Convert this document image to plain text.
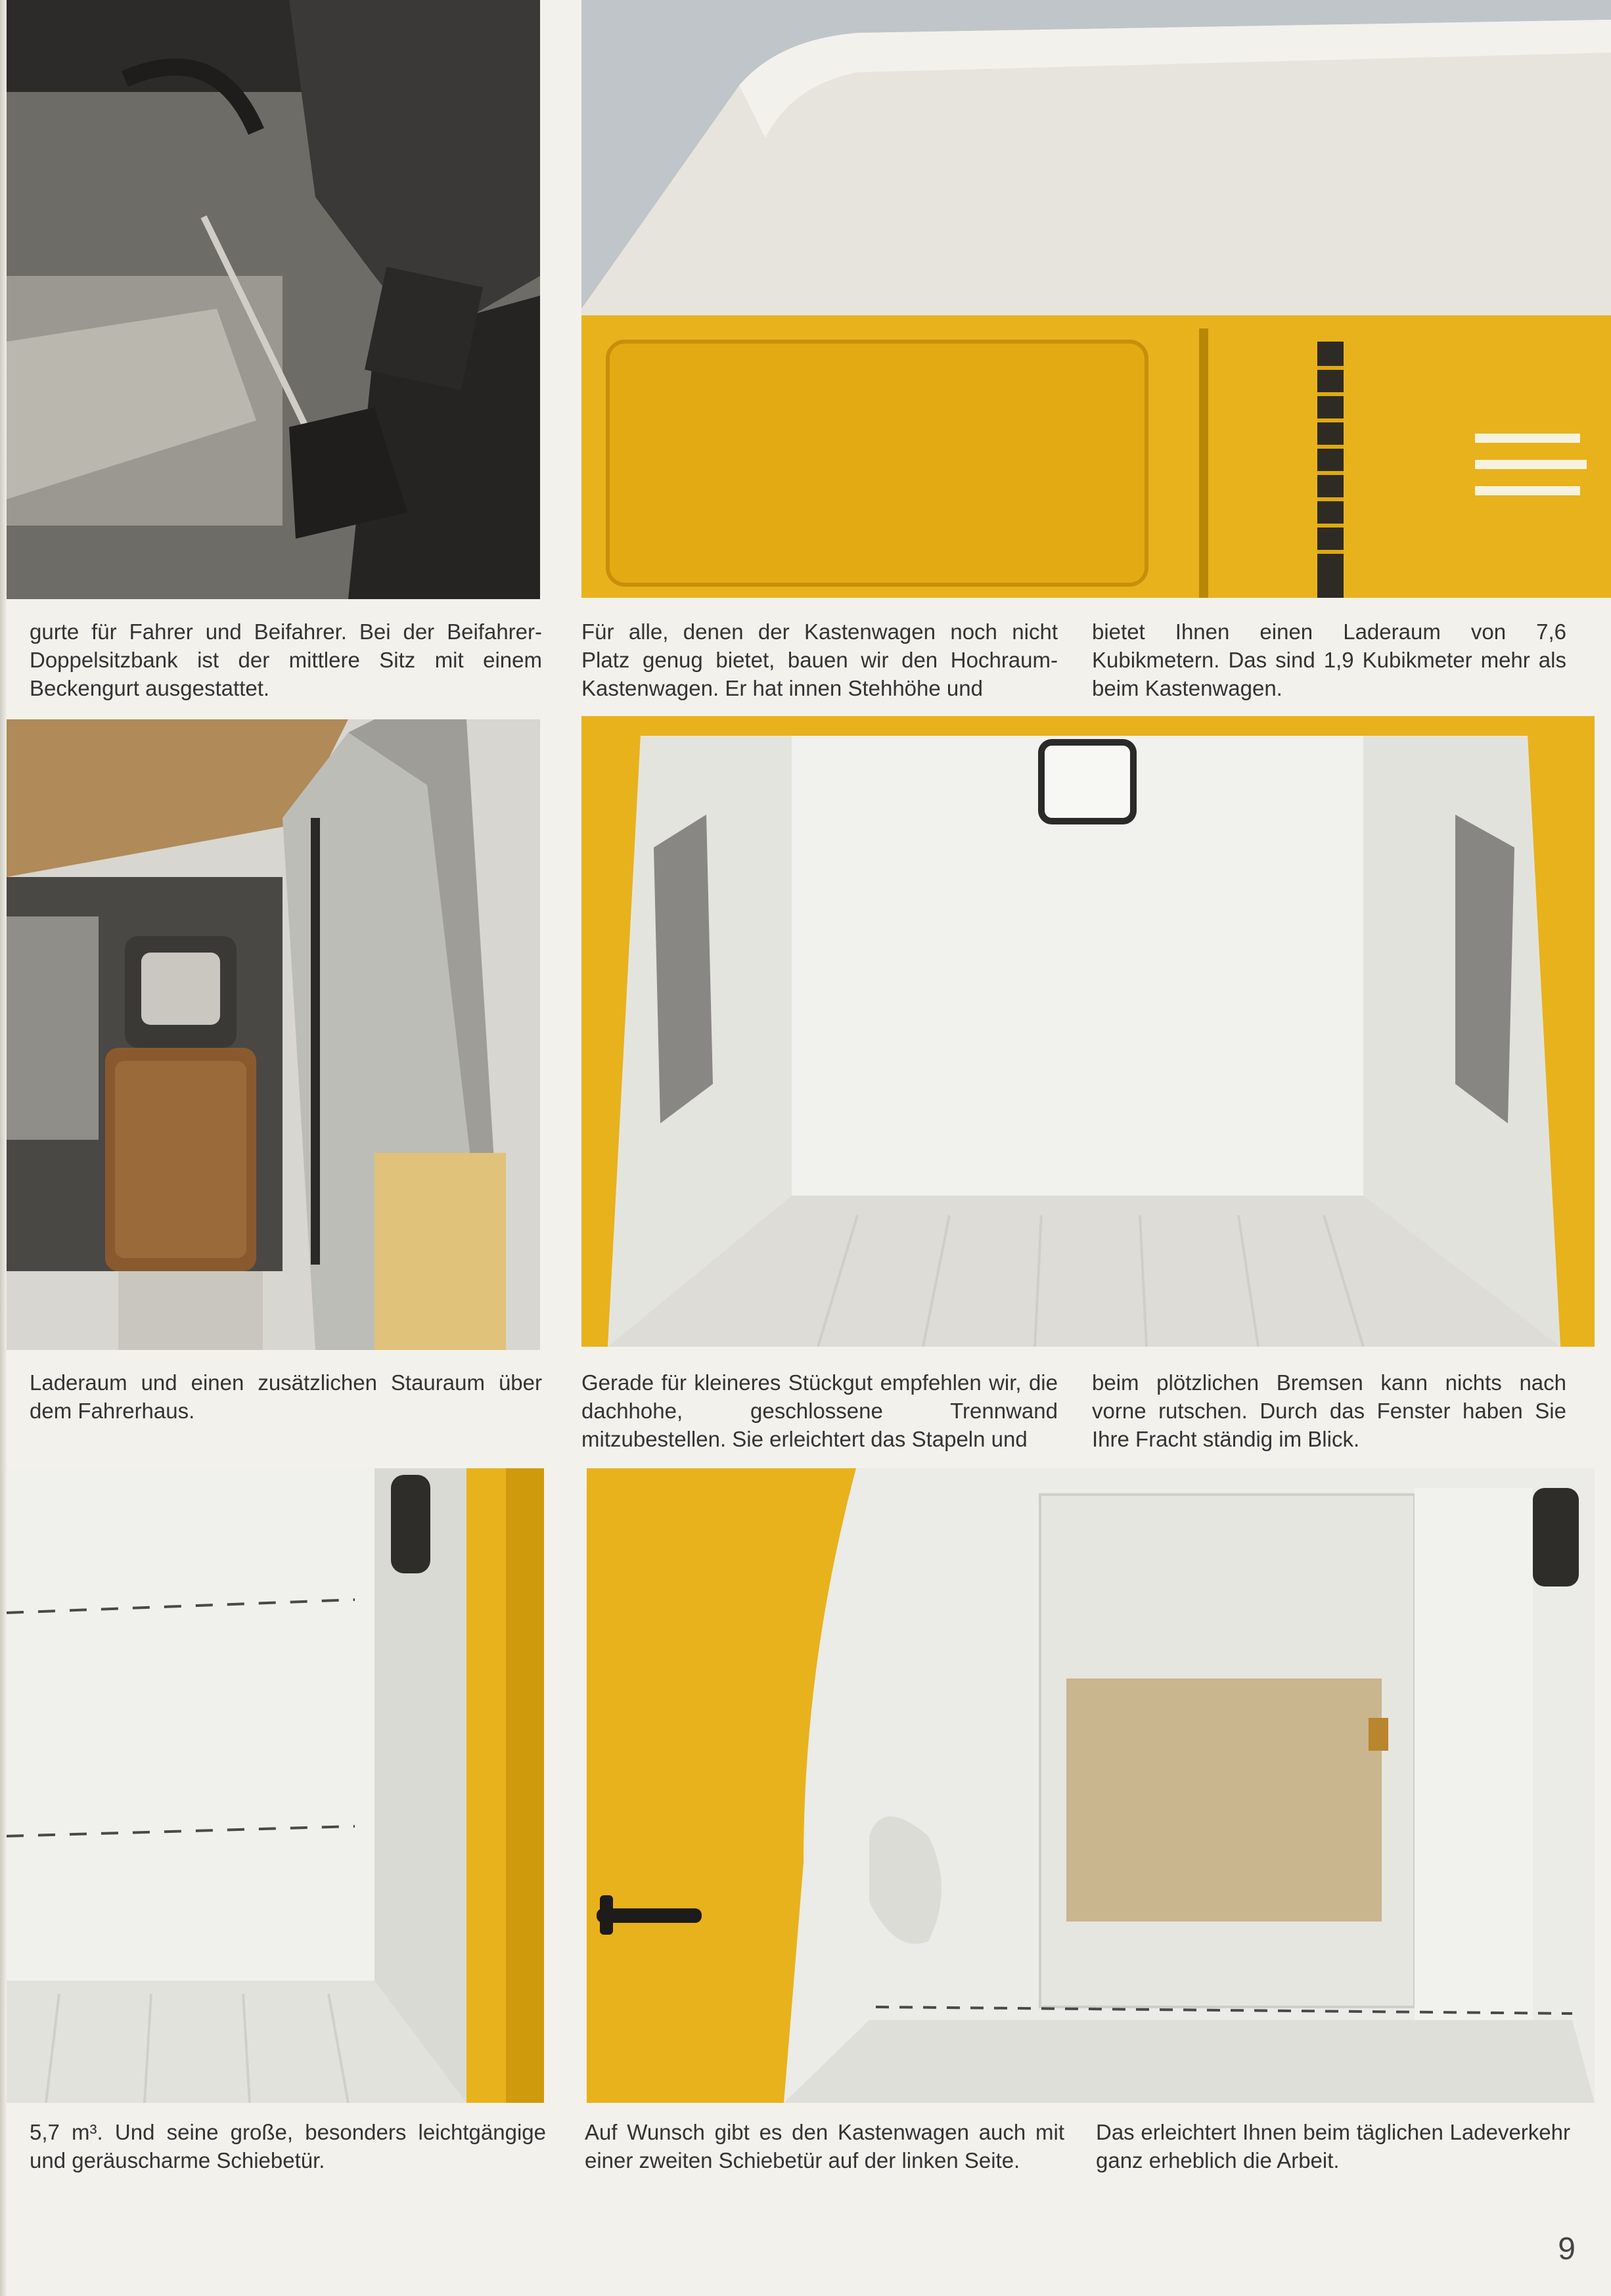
gurte für Fahrer und Beifahrer. Bei der Beifahrer-Doppelsitzbank ist der mittlere Sitz mit einem Beckengurt ausgestattet.

Für alle, denen der Kastenwagen noch nicht Platz genug bietet, bauen wir den Hochraum-Kastenwagen. Er hat innen Stehhöhe und

bietet Ihnen einen Laderaum von 7,6 Kubikmetern. Das sind 1,9 Kubikmeter mehr als beim Kastenwagen.

Laderaum und einen zusätzlichen Stauraum über dem Fahrerhaus.

Gerade für kleineres Stückgut empfehlen wir, die dachhohe, geschlossene Trennwand mitzubestellen. Sie erleichtert das Stapeln und

beim plötzlichen Bremsen kann nichts nach vorne rutschen. Durch das Fenster haben Sie Ihre Fracht ständig im Blick.

5,7 m³. Und seine große, besonders leichtgängige und geräuscharme Schiebetür.

Auf Wunsch gibt es den Kastenwagen auch mit einer zweiten Schiebetür auf der linken Seite.

Das erleichtert Ihnen beim täglichen Ladeverkehr ganz erheblich die Arbeit.

9
